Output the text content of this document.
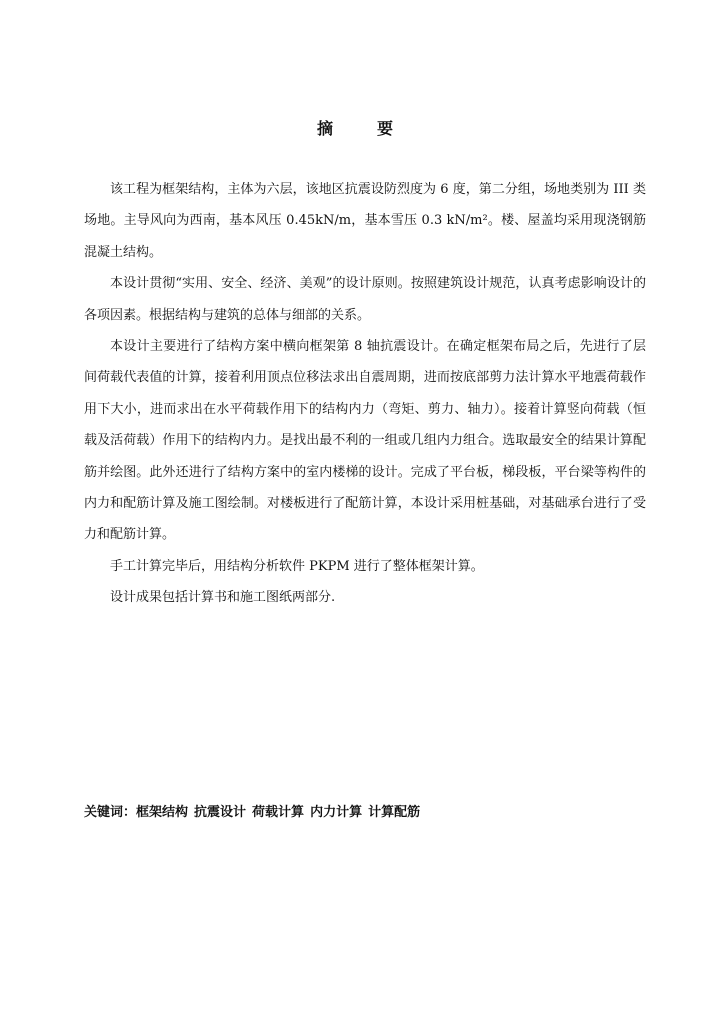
摘　要

该工程为框架结构，主体为六层，该地区抗震设防烈度为 6 度，第二分组，场地类别为 III 类场地。主导风向为西南，基本风压 0.45kN/m，基本雪压 0.3 kN/m²。楼、屋盖均采用现浇钢筋混凝土结构。

本设计贯彻“实用、安全、经济、美观”的设计原则。按照建筑设计规范，认真考虑影响设计的各项因素。根据结构与建筑的总体与细部的关系。

本设计主要进行了结构方案中横向框架第 8 轴抗震设计。在确定框架布局之后，先进行了层间荷载代表值的计算，接着利用顶点位移法求出自震周期，进而按底部剪力法计算水平地震荷载作用下大小，进而求出在水平荷载作用下的结构内力（弯矩、剪力、轴力）。接着计算竖向荷载（恒载及活荷载）作用下的结构内力。是找出最不利的一组或几组内力组合。选取最安全的结果计算配筋并绘图。此外还进行了结构方案中的室内楼梯的设计。完成了平台板，梯段板，平台梁等构件的内力和配筋计算及施工图绘制。对楼板进行了配筋计算，本设计采用桩基础，对基础承台进行了受力和配筋计算。

手工计算完毕后，用结构分析软件 PKPM 进行了整体框架计算。

设计成果包括计算书和施工图纸两部分.

关键词：框架结构 抗震设计 荷载计算 内力计算 计算配筋
